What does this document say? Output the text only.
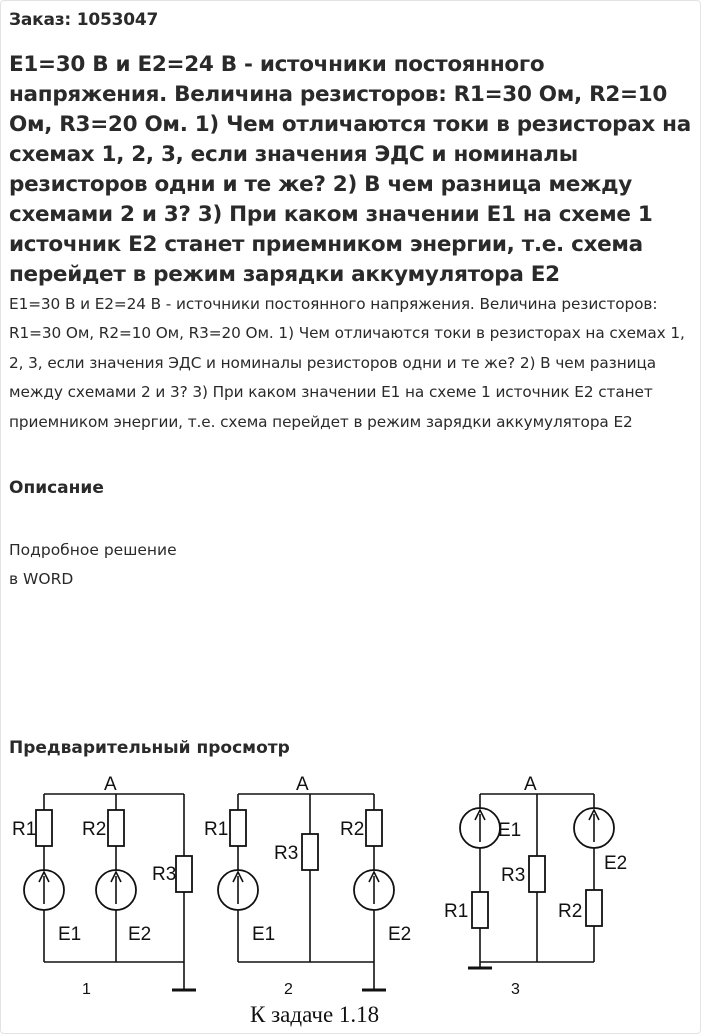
Заказ: 1053047
E1=30 В и E2=24 В - источники постоянного напряжения. Величина резисторов: R1=30 Ом, R2=10 Ом, R3=20 Ом. 1) Чем отличаются токи в резисторах на схемах 1, 2, 3, если значения ЭДС и номиналы резисторов одни и те же? 2) В чем разница между схемами 2 и 3? 3) При каком значении E1 на схеме 1 источник E2 станет приемником энергии, т.е. схема перейдет в режим зарядки аккумулятора E2
E1=30 В и E2=24 В - источники постоянного напряжения. Величина резисторов: R1=30 Ом, R2=10 Ом, R3=20 Ом. 1) Чем отличаются токи в резисторах на схемах 1, 2, 3, если значения ЭДС и номиналы резисторов одни и те же? 2) В чем разница между схемами 2 и 3? 3) При каком значении E1 на схеме 1 источник E2 станет приемником энергии, т.е. схема перейдет в режим зарядки аккумулятора E2
Описание
Подробное решение
в WORD
Предварительный просмотр
A
R1
E1
R2
E2
R3
1
A
R1
E1
R3
R2
E2
2
A
E1
R1
R3
E2
R2
3
К задаче 1.18
